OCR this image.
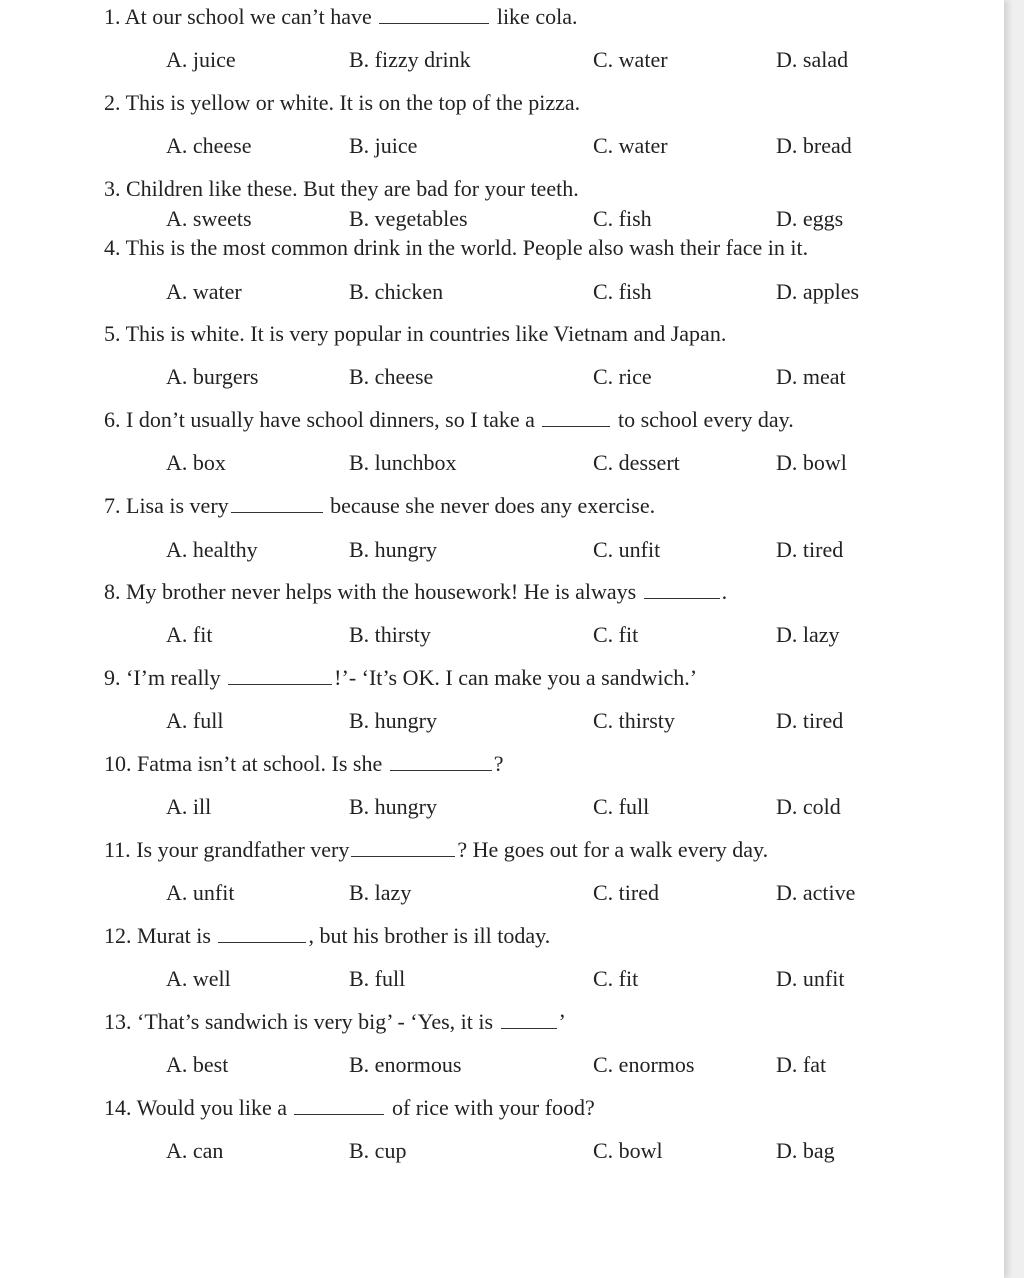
1. At our school we can’t have	like cola.
A. juice	B. fizzy drink	C. water	D. salad
2. This is yellow or white. It is on the top of the pizza.
A. cheese	B. juice	C. water	D. bread
3. Children like these. But they are bad for your teeth.
A. sweets	B. vegetables	C. fish	D. eggs
4. This is the most common drink in the world. People also wash their face in it.
A. water	B. chicken	C. fish	D. apples
5. This is white. It is very popular in countries like Vietnam and Japan.
A. burgers	B. cheese	C. rice	D. meat
6. I don’t usually have school dinners, so I take a	to school every day.
A. box	B. lunchbox	C. dessert	D. bowl
7. Lisa is very	because she never does any exercise.
A. healthy	B. hungry	C. unfit	D. tired
8. My brother never helps with the housework! He is always	.
A. fit	B. thirsty	C. fit	D. lazy
9. ‘I’m really	!’- ‘It’s OK. I can make you a sandwich.’
A. full	B. hungry	C. thirsty	D. tired
10. Fatma isn’t at school. Is she	?
A. ill	B. hungry	C. full	D. cold
11. Is your grandfather very	? He goes out for a walk every day.
A. unfit	B. lazy	C. tired	D. active
12. Murat is	, but his brother is ill today.
A. well	B. full	C. fit	D. unfit
13. ‘That’s sandwich is very big’ - ‘Yes, it is	’
A. best	B. enormous	C. enormos	D. fat
14. Would you like a	of rice with your food?
A. can	B. cup	C. bowl	D. bag
